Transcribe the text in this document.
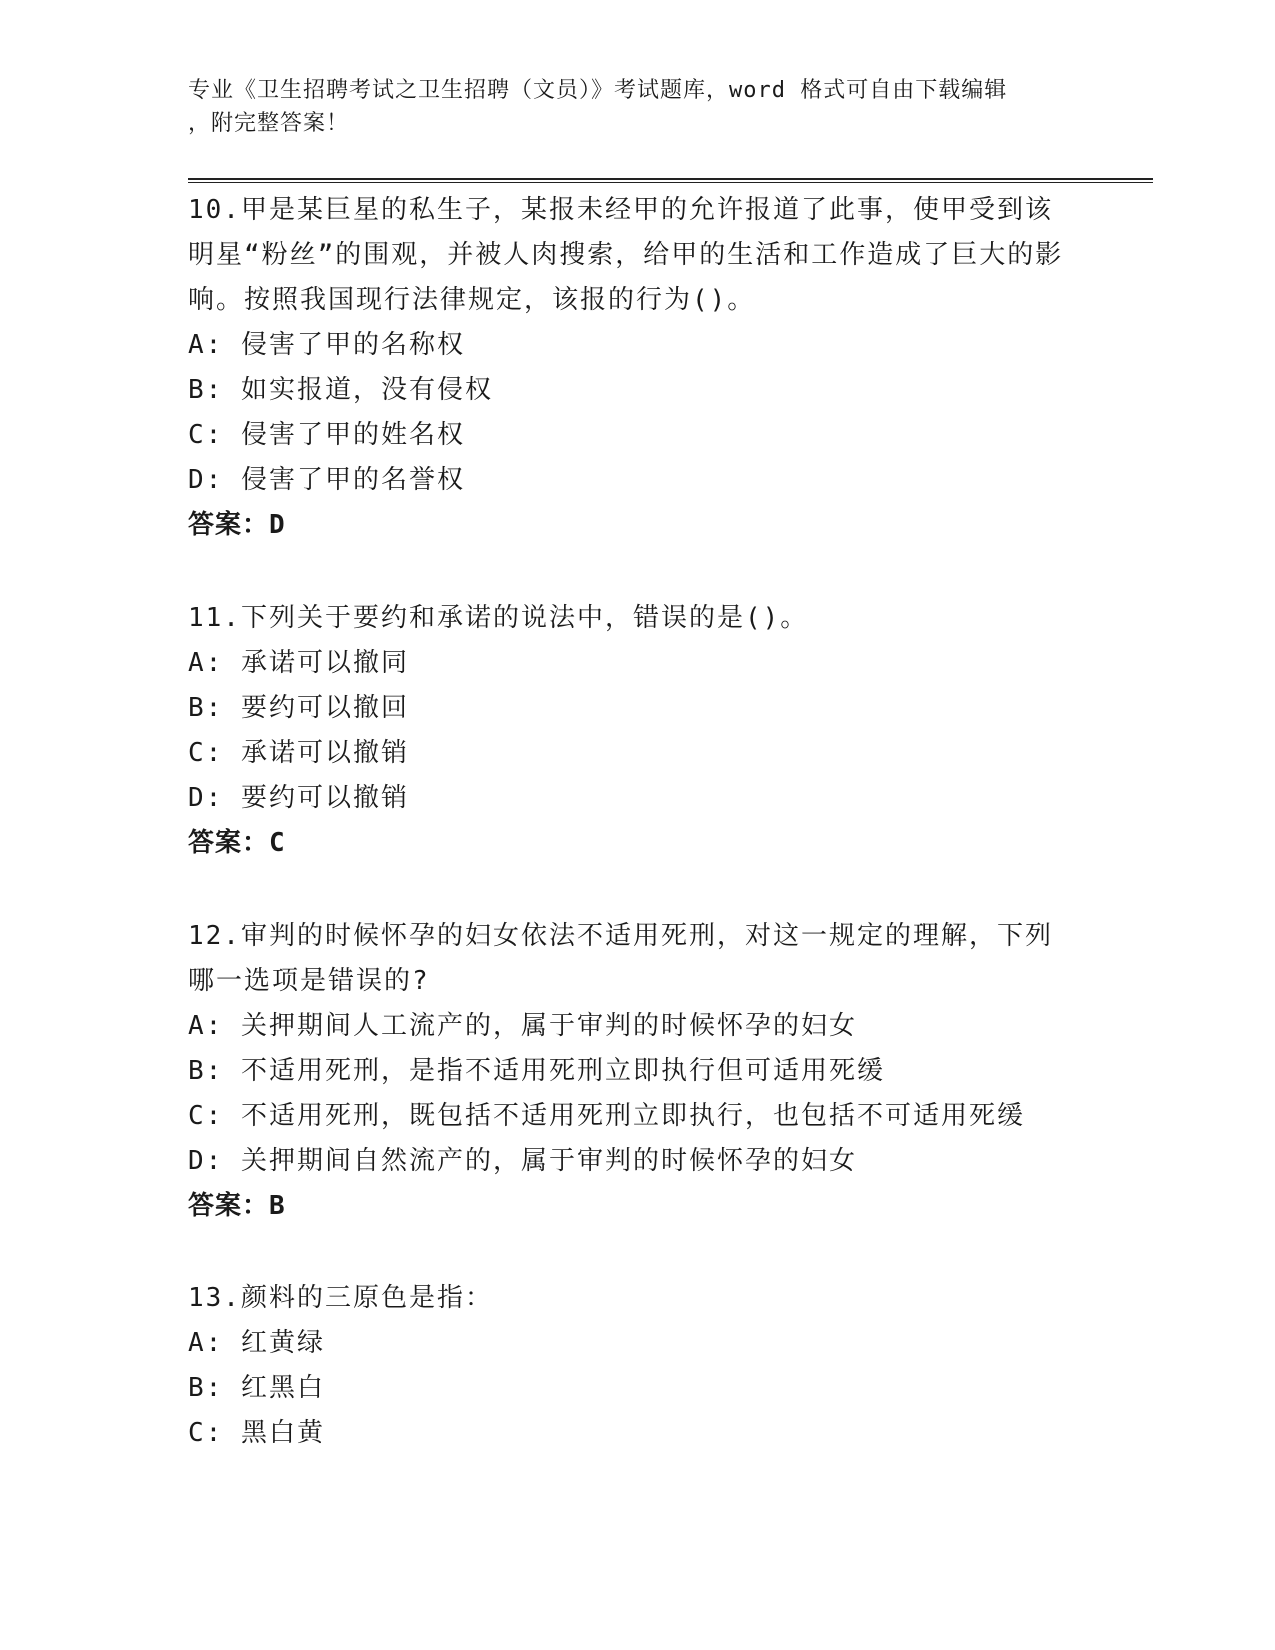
专业《卫生招聘考试之卫生招聘（文员）》考试题库，word 格式可自由下载编辑
，附完整答案！
10.甲是某巨星的私生子，某报未经甲的允许报道了此事，使甲受到该明星“粉丝”的围观，并被人肉搜索，给甲的生活和工作造成了巨大的影响。按照我国现行法律规定，该报的行为()。
A: 侵害了甲的名称权
B: 如实报道，没有侵权
C: 侵害了甲的姓名权
D: 侵害了甲的名誉权
答案：D
11.下列关于要约和承诺的说法中，错误的是()。
A: 承诺可以撤同
B: 要约可以撤回
C: 承诺可以撤销
D: 要约可以撤销
答案：C
12.审判的时候怀孕的妇女依法不适用死刑，对这一规定的理解，下列哪一选项是错误的?
A: 关押期间人工流产的，属于审判的时候怀孕的妇女
B: 不适用死刑，是指不适用死刑立即执行但可适用死缓
C: 不适用死刑，既包括不适用死刑立即执行，也包括不可适用死缓
D: 关押期间自然流产的，属于审判的时候怀孕的妇女
答案：B
13.颜料的三原色是指：
A: 红黄绿
B: 红黑白
C: 黑白黄
